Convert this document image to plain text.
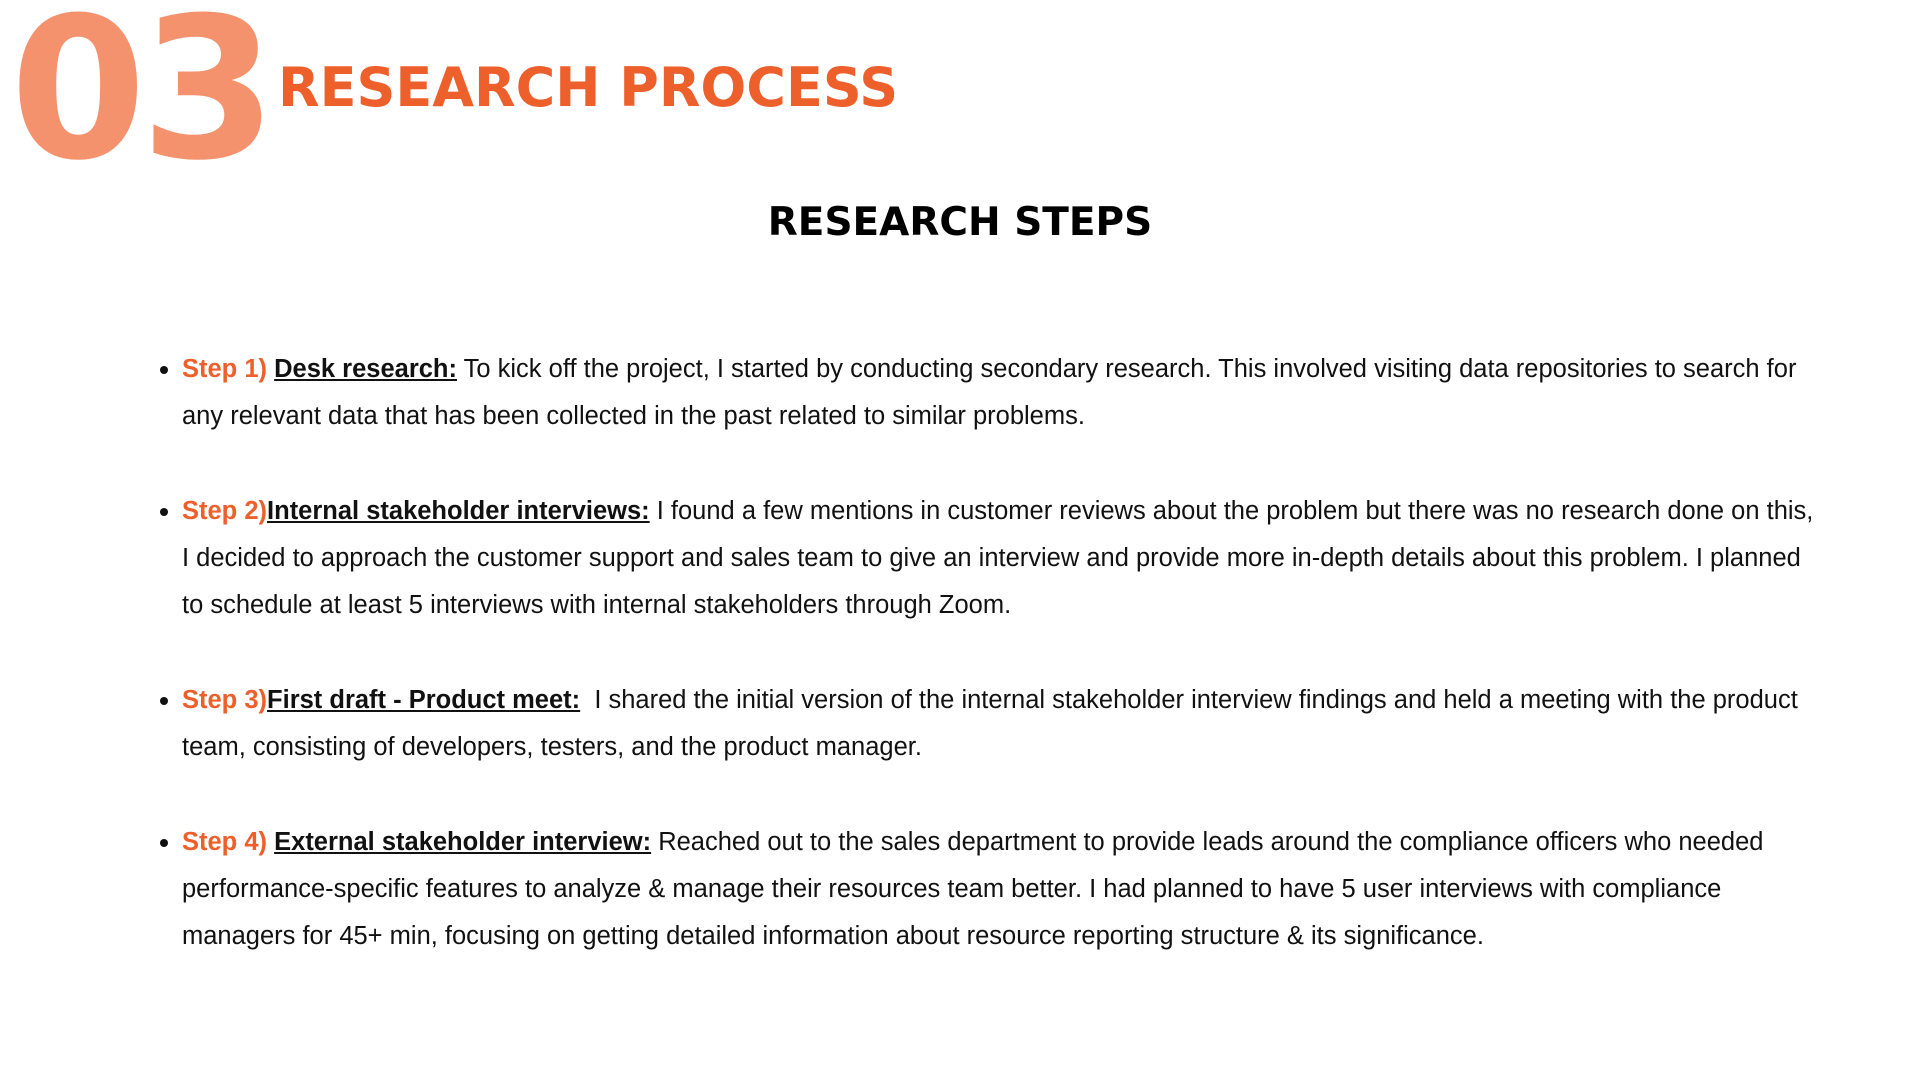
03 RESEARCH PROCESS
RESEARCH STEPS
Step 1) Desk research: To kick off the project, I started by conducting secondary research. This involved visiting data repositories to search for any relevant data that has been collected in the past related to similar problems.
Step 2)Internal stakeholder interviews: I found a few mentions in customer reviews about the problem but there was no research done on this, I decided to approach the customer support and sales team to give an interview and provide more in-depth details about this problem. I planned to schedule at least 5 interviews with internal stakeholders through Zoom.
Step 3)First draft - Product meet: I shared the initial version of the internal stakeholder interview findings and held a meeting with the product team, consisting of developers, testers, and the product manager.
Step 4) External stakeholder interview: Reached out to the sales department to provide leads around the compliance officers who needed performance-specific features to analyze & manage their resources team better. I had planned to have 5 user interviews with compliance managers for 45+ min, focusing on getting detailed information about resource reporting structure & its significance.
